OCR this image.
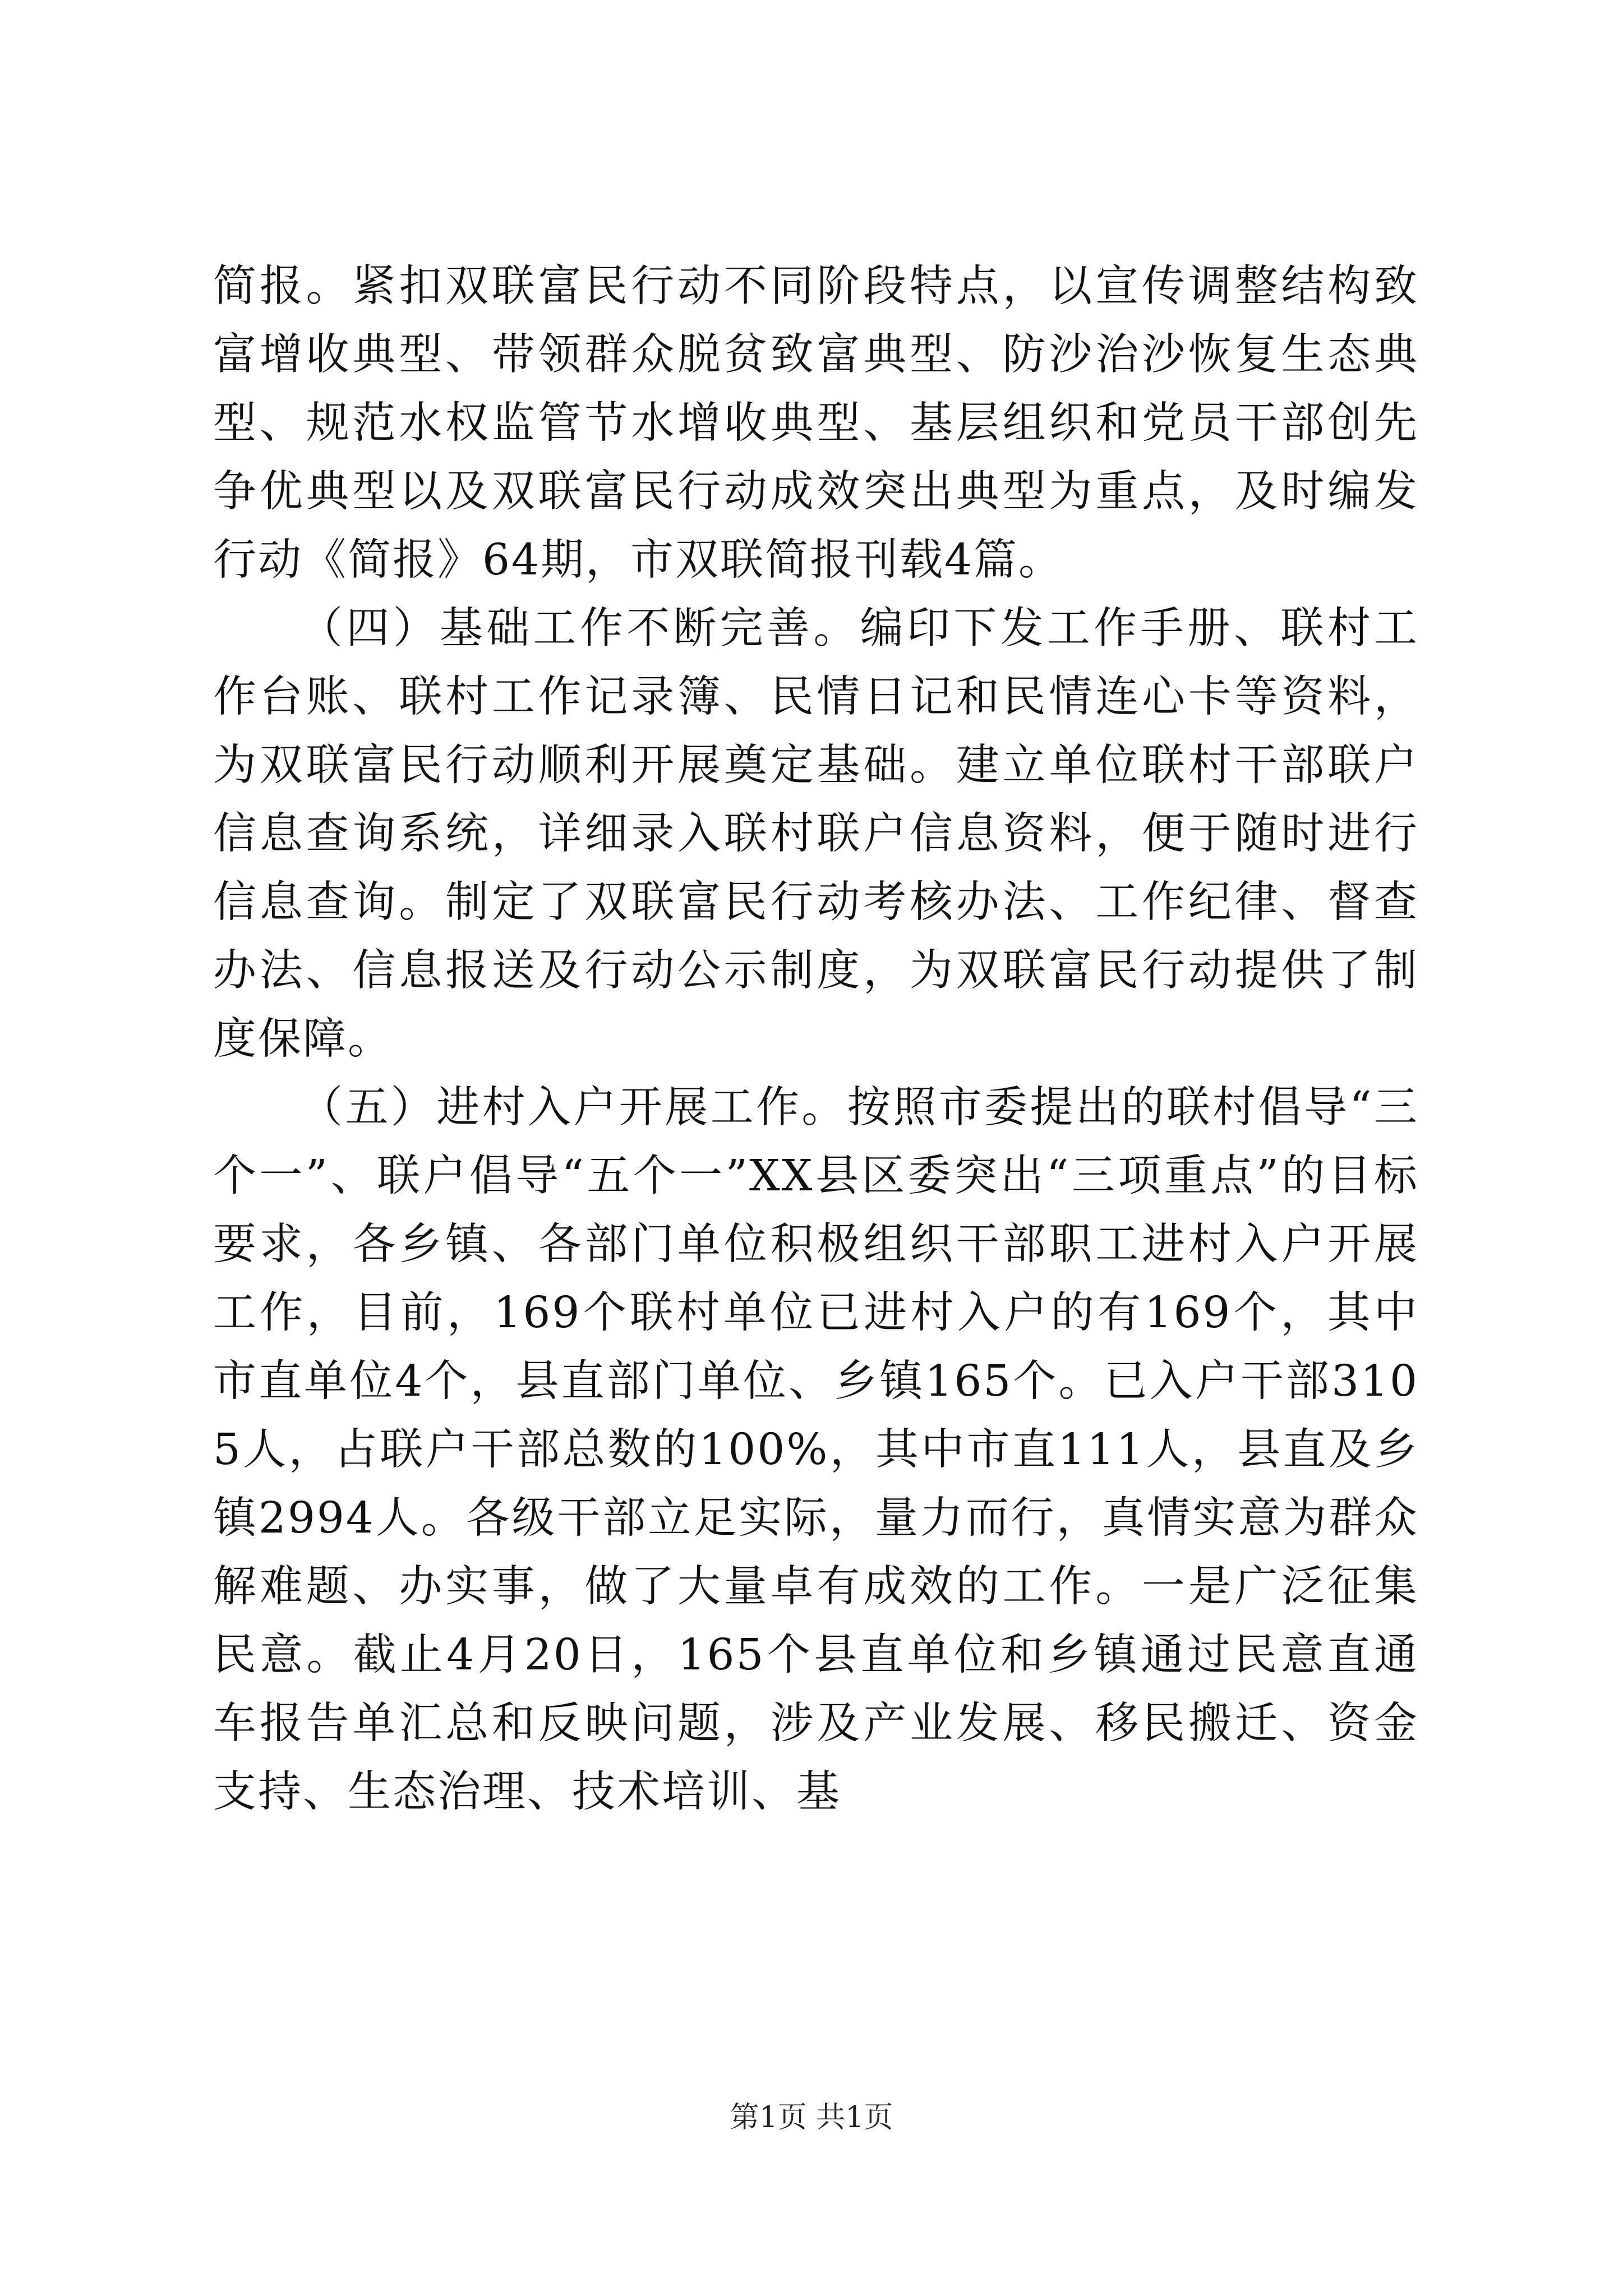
简报。紧扣双联富民行动不同阶段特点，以宣传调整结构致富增收典型、带领群众脱贫致富典型、防沙治沙恢复生态典型、规范水权监管节水增收典型、基层组织和党员干部创先争优典型以及双联富民行动成效突出典型为重点，及时编发行动《简报》64期，市双联简报刊载4篇。

（四）基础工作不断完善。编印下发工作手册、联村工作台账、联村工作记录簿、民情日记和民情连心卡等资料，为双联富民行动顺利开展奠定基础。建立单位联村干部联户信息查询系统，详细录入联村联户信息资料，便于随时进行信息查询。制定了双联富民行动考核办法、工作纪律、督查办法、信息报送及行动公示制度，为双联富民行动提供了制度保障。

（五）进村入户开展工作。按照市委提出的联村倡导“三个一”、联户倡导“五个一”XX县区委突出“三项重点”的目标要求，各乡镇、各部门单位积极组织干部职工进村入户开展工作，目前，169个联村单位已进村入户的有169个，其中市直单位4个，县直部门单位、乡镇165个。已入户干部3105人，占联户干部总数的100%，其中市直111人，县直及乡镇2994人。各级干部立足实际，量力而行，真情实意为群众解难题、办实事，做了大量卓有成效的工作。一是广泛征集民意。截止4月20日，165个县直单位和乡镇通过民意直通车报告单汇总和反映问题，涉及产业发展、移民搬迁、资金支持、生态治理、技术培训、基

第1页 共1页
